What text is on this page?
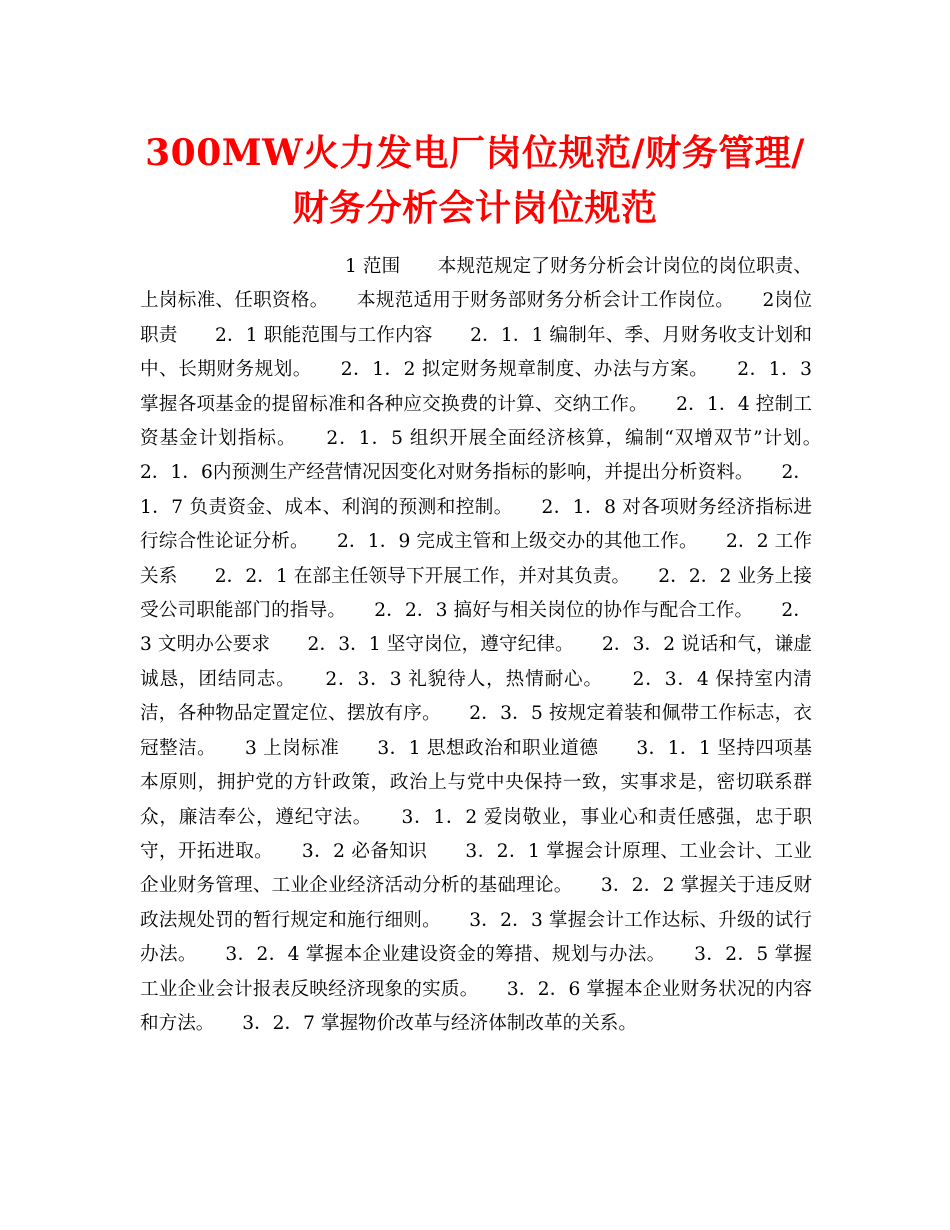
300MW火力发电厂岗位规范/财务管理/财务分析会计岗位规范

1 范围　　本规范规定了财务分析会计岗位的岗位职责、上岗标准、任职资格。　　本规范适用于财务部财务分析会计工作岗位。　　2岗位职责　　2．1 职能范围与工作内容　　2．1．1 编制年、季、月财务收支计划和中、长期财务规划。　　2．1．2 拟定财务规章制度、办法与方案。　　2．1．3 掌握各项基金的提留标准和各种应交换费的计算、交纳工作。　　2．1．4 控制工资基金计划指标。　　2．1．5 组织开展全面经济核算，编制“双增双节”计划。　　2．1．6内预测生产经营情况因变化对财务指标的影响，并提出分析资料。　　2．1．7 负责资金、成本、利润的预测和控制。　　2．1．8 对各项财务经济指标进行综合性论证分析。　　2．1．9 完成主管和上级交办的其他工作。　　2．2 工作关系　　2．2．1 在部主任领导下开展工作，并对其负责。　　2．2．2 业务上接受公司职能部门的指导。　　2．2．3 搞好与相关岗位的协作与配合工作。　　2．3 文明办公要求　　2．3．1 坚守岗位，遵守纪律。　　2．3．2 说话和气，谦虚诚恳，团结同志。　　2．3．3 礼貌待人，热情耐心。　　2．3．4 保持室内清洁，各种物品定置定位、摆放有序。　　2．3．5 按规定着装和佩带工作标志，衣冠整洁。　　3 上岗标准　　3．1 思想政治和职业道德　　3．1．1 坚持四项基本原则，拥护党的方针政策，政治上与党中央保持一致，实事求是，密切联系群众，廉洁奉公，遵纪守法。　　3．1．2 爱岗敬业，事业心和责任感强，忠于职守，开拓进取。　　3．2 必备知识　　3．2．1 掌握会计原理、工业会计、工业企业财务管理、工业企业经济活动分析的基础理论。　　3．2．2 掌握关于违反财政法规处罚的暂行规定和施行细则。　　3．2．3 掌握会计工作达标、升级的试行办法。　　3．2．4 掌握本企业建设资金的筹措、规划与办法。　　3．2．5 掌握工业企业会计报表反映经济现象的实质。　　3．2．6 掌握本企业财务状况的内容和方法。　　3．2．7 掌握物价改革与经济体制改革的关系。
